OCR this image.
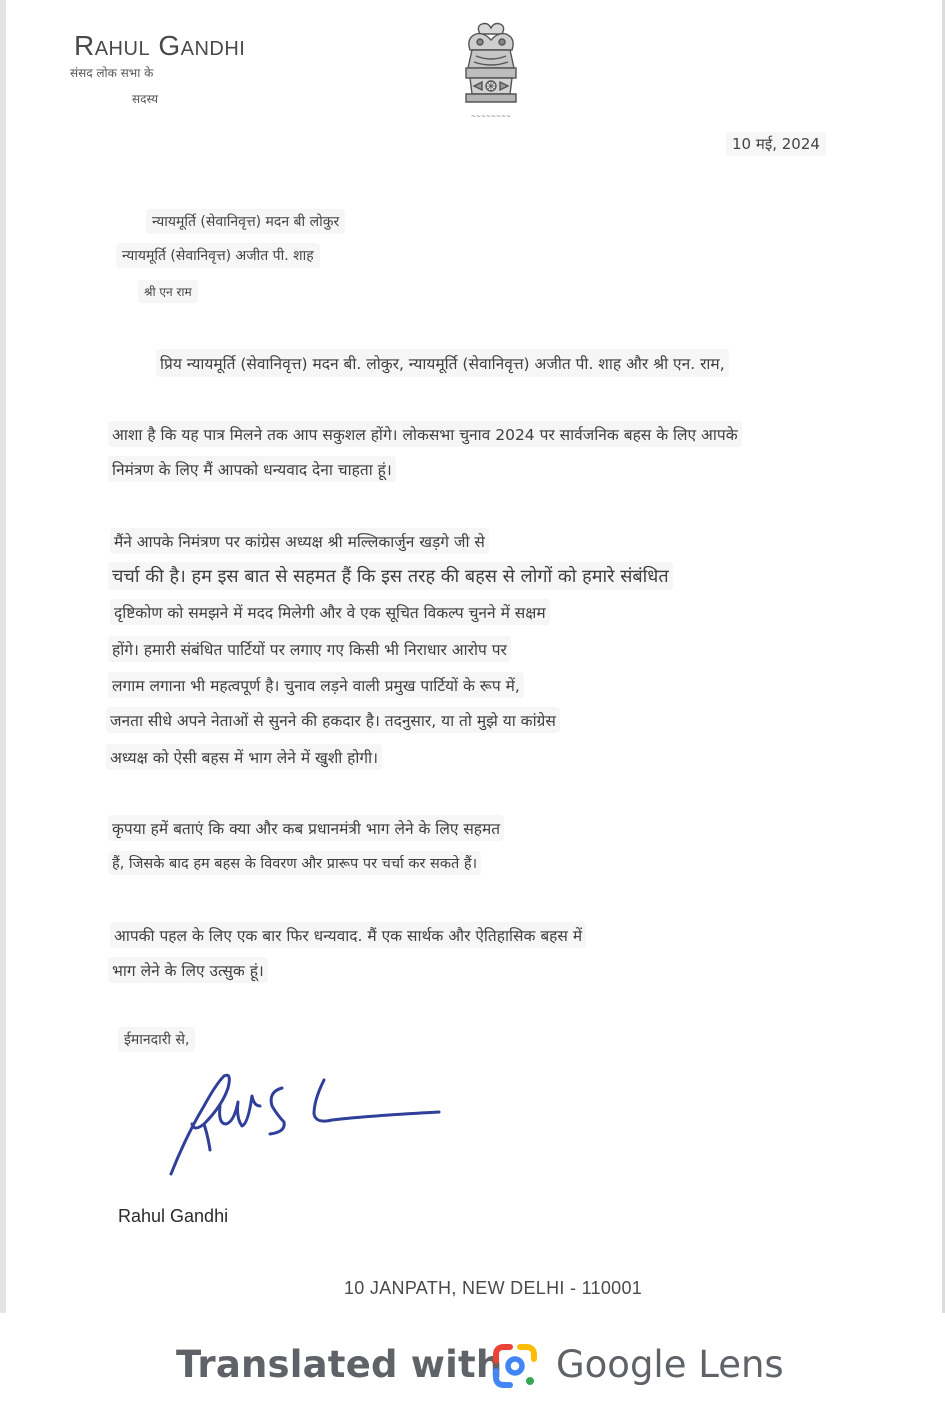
Rahul Gandhi
संसद लोक सभा के
सदस्य
~~~~~~~~
10 मई, 2024
न्यायमूर्ति (सेवानिवृत्त) मदन बी लोकुर
न्यायमूर्ति (सेवानिवृत्त) अजीत पी. शाह
श्री एन राम
प्रिय न्यायमूर्ति (सेवानिवृत्त) मदन बी. लोकुर, न्यायमूर्ति (सेवानिवृत्त) अजीत पी. शाह और श्री एन. राम,
आशा है कि यह पात्र मिलने तक आप सकुशल होंगे। लोकसभा चुनाव 2024 पर सार्वजनिक बहस के लिए आपके
निमंत्रण के लिए मैं आपको धन्यवाद देना चाहता हूं।
मैंने आपके निमंत्रण पर कांग्रेस अध्यक्ष श्री मल्लिकार्जुन खड़गे जी से
चर्चा की है। हम इस बात से सहमत हैं कि इस तरह की बहस से लोगों को हमारे संबंधित
दृष्टिकोण को समझने में मदद मिलेगी और वे एक सूचित विकल्प चुनने में सक्षम
होंगे। हमारी संबंधित पार्टियों पर लगाए गए किसी भी निराधार आरोप पर
लगाम लगाना भी महत्वपूर्ण है। चुनाव लड़ने वाली प्रमुख पार्टियों के रूप में,
जनता सीधे अपने नेताओं से सुनने की हकदार है। तदनुसार, या तो मुझे या कांग्रेस
अध्यक्ष को ऐसी बहस में भाग लेने में खुशी होगी।
कृपया हमें बताएं कि क्या और कब प्रधानमंत्री भाग लेने के लिए सहमत
हैं, जिसके बाद हम बहस के विवरण और प्रारूप पर चर्चा कर सकते हैं।
आपकी पहल के लिए एक बार फिर धन्यवाद. मैं एक सार्थक और ऐतिहासिक बहस में
भाग लेने के लिए उत्सुक हूं।
ईमानदारी से,
Rahul Gandhi
10 JANPATH, NEW DELHI - 110001
Translated with Google Lens
